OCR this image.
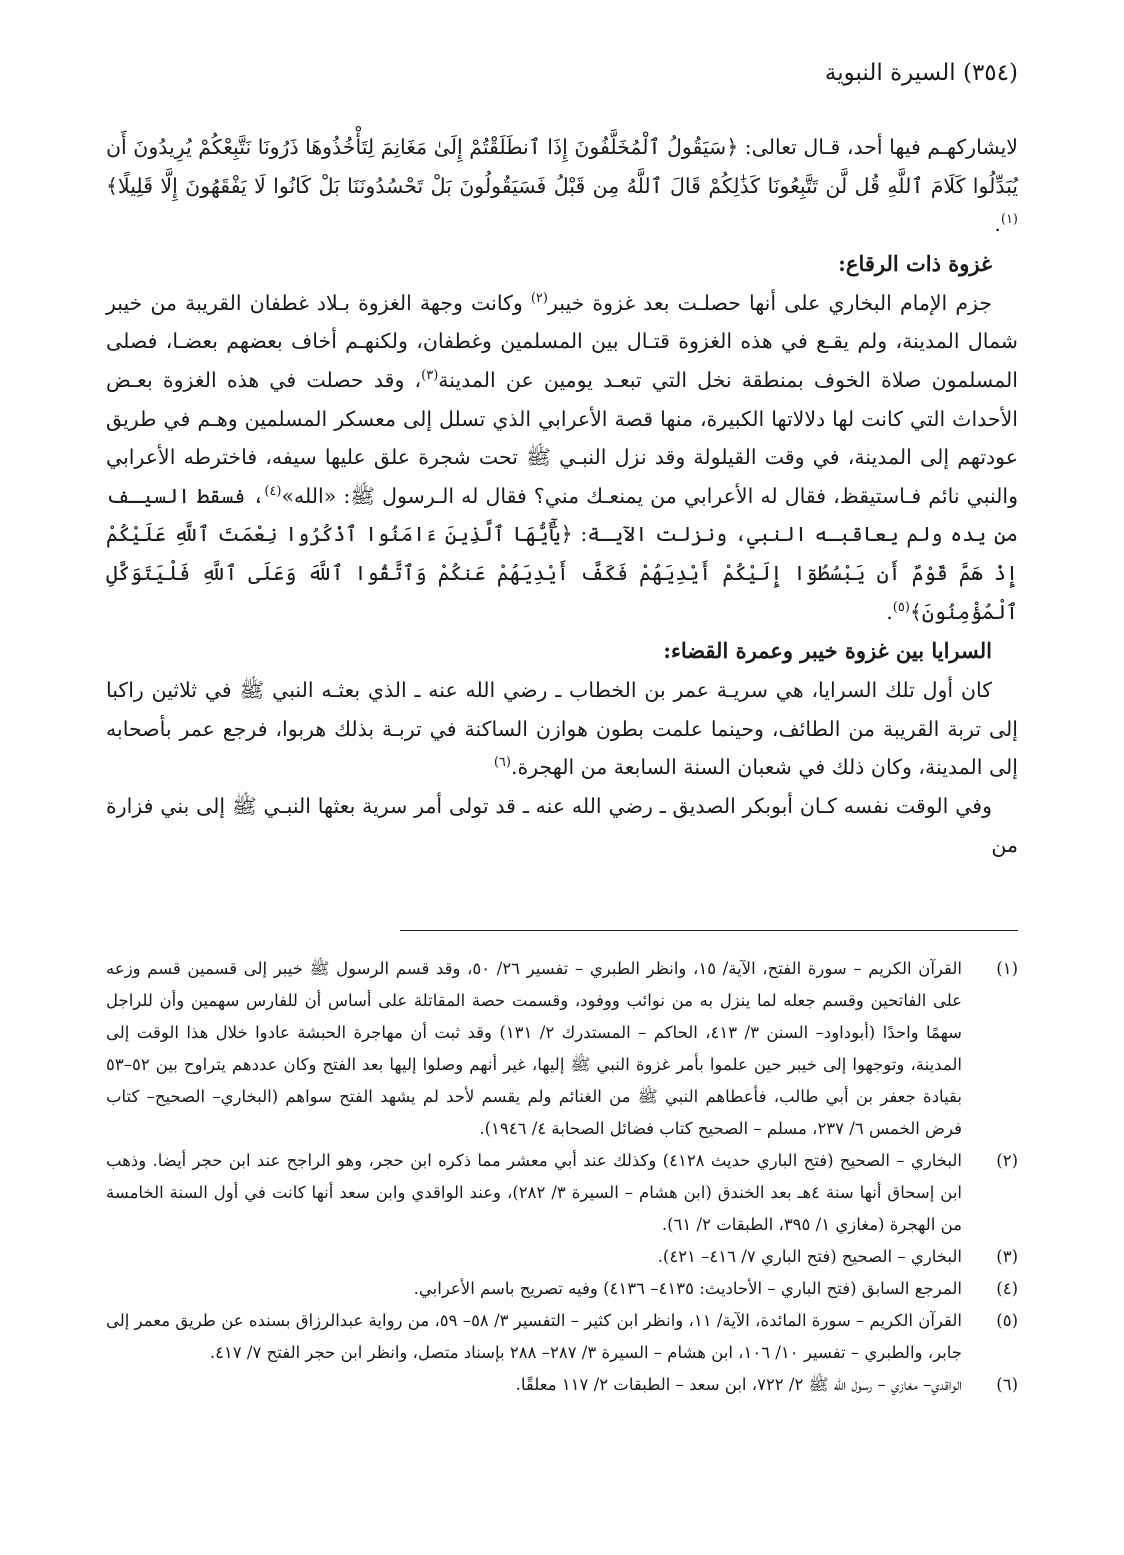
(٣٥٤) السيرة النبوية

لايشاركهـم فيها أحد، قـال تعالى: ﴿سَيَقُولُ ٱلْمُخَلَّفُونَ إِذَا ٱنطَلَقْتُمْ إِلَىٰ مَغَانِمَ لِتَأْخُذُوهَا ذَرُونَا نَتَّبِعْكُمْ يُرِيدُونَ أَن يُبَدِّلُوا كَلَامَ ٱللَّهِ قُل لَّن تَتَّبِعُونَا كَذَٰلِكُمْ قَالَ ٱللَّهُ مِن قَبْلُ فَسَيَقُولُونَ بَلْ تَحْسُدُونَنَا بَلْ كَانُوا لَا يَفْقَهُونَ إِلَّا قَلِيلًا﴾$^{(١)}$.

غزوة ذات الرقاع:

جزم الإمام البخاري على أنها حصلـت بعد غزوة خيبر$^{(٢)}$ وكانت وجهة الغزوة بـلاد غطفان القريبة من خيبر شمال المدينة، ولم يقـع في هذه الغزوة قتـال بين المسلمين وغطفان، ولكنهـم أخاف بعضهم بعضـا، فصلى المسلمون صلاة الخوف بمنطقة نخل التي تبعـد يومين عن المدينة$^{(٣)}$، وقد حصلت في هذه الغزوة بعـض الأحداث التي كانت لها دلالاتها الكبيرة، منها قصة الأعرابي الذي تسلل إلى معسكر المسلمين وهـم في طريق عودتهم إلى المدينة، في وقت القيلولة وقد نزل النبـي ﷺ تحت شجرة علق عليها سيفه، فاخترطه الأعرابي والنبي نائم فـاستيقظ، فقال له الأعرابي من يمنعـك مني؟ فقال له الـرسول ﷺ: «الله»$^{(٤)}$، فسقط السيـف من يده ولم يعاقبـه النبي، ونزلت الآيـة: ﴿يَٰٓأَيُّهَا ٱلَّذِينَ ءَامَنُوا ٱذْكُرُوا نِعْمَتَ ٱللَّهِ عَلَيْكُمْ إِذْ هَمَّ قَوْمٌ أَن يَبْسُطُوٓا إِلَيْكُمْ أَيْدِيَهُمْ فَكَفَّ أَيْدِيَهُمْ عَنكُمْ وَٱتَّقُوا ٱللَّهَ وَعَلَى ٱللَّهِ فَلْيَتَوَكَّلِ ٱلْمُؤْمِنُونَ﴾$^{(٥)}$.

السرايا بين غزوة خيبر وعمرة القضاء:

كان أول تلك السرايا، هي سريـة عمر بن الخطاب ـ رضي الله عنه ـ الذي بعثـه النبي ﷺ في ثلاثين راكبا إلى تربة القريبة من الطائف، وحينما علمت بطون هوازن الساكنة في تربـة بذلك هربوا، فرجع عمر بأصحابه إلى المدينة، وكان ذلك في شعبان السنة السابعة من الهجرة.$^{(٦)}$

وفي الوقت نفسه كـان أبوبكر الصديق ـ رضي الله عنه ـ قد تولى أمر سرية بعثها النبـي ﷺ إلى بني فزارة من

(١)
القرآن الكريم – سورة الفتح، الآية/ ١٥، وانظر الطبري – تفسير ٢٦/ ٥٠، وقد قسم الرسول ﷺ خيبر إلى قسمين قسم وزعه على الفاتحين وقسم جعله لما ينزل به من نوائب ووفود، وقسمت حصة المقاتلة على أساس أن للفارس سهمين وأن للراجل سهمًا واحدًا (أبوداود– السنن ٣/ ٤١٣، الحاكم – المستدرك ٢/ ١٣١) وقد ثبت أن مهاجرة الحبشة عادوا خلال هذا الوقت إلى المدينة، وتوجهوا إلى خيبر حين علموا بأمر غزوة النبي ﷺ إليها، غير أنهم وصلوا إليها بعد الفتح وكان عددهم يتراوح بين ٥٢–٥٣ بقيادة جعفر بن أبي طالب، فأعطاهم النبي ﷺ من الغنائم ولم يقسم لأحد لم يشهد الفتح سواهم (البخاري– الصحيح– كتاب فرض الخمس ٦/ ٢٣٧، مسلم – الصحيح كتاب فضائل الصحابة ٤/ ١٩٤٦).
(٢)
البخاري – الصحيح (فتح الباري حديث ٤١٢٨) وكذلك عند أبي معشر مما ذكره ابن حجر، وهو الراجح عند ابن حجر أيضا. وذهب ابن إسحاق أنها سنة ٤هـ بعد الخندق (ابن هشام – السيرة ٣/ ٢٨٢)، وعند الواقدي وابن سعد أنها كانت في أول السنة الخامسة من الهجرة (مغازي ١/ ٣٩٥، الطبقات ٢/ ٦١).
(٣)
البخاري – الصحيح (فتح الباري ٧/ ٤١٦– ٤٢١).
(٤)
المرجع السابق (فتح الباري – الأحاديث: ٤١٣٥– ٤١٣٦) وفيه تصريح باسم الأعرابي.
(٥)
القرآن الكريم – سورة المائدة، الآية/ ١١، وانظر ابن كثير – التفسير ٣/ ٥٨– ٥٩، من رواية عبدالرزاق بسنده عن طريق معمر إلى جابر، والطبري – تفسير ١٠/ ١٠٦، ابن هشام – السيرة ٣/ ٢٨٧– ٢٨٨ بإسناد متصل، وانظر ابن حجر الفتح ٧/ ٤١٧.
(٦)
الواقدي– مغازي – رسول الله ﷺ ٢/ ٧٢٢، ابن سعد – الطبقات ٢/ ١١٧ معلقًا.
